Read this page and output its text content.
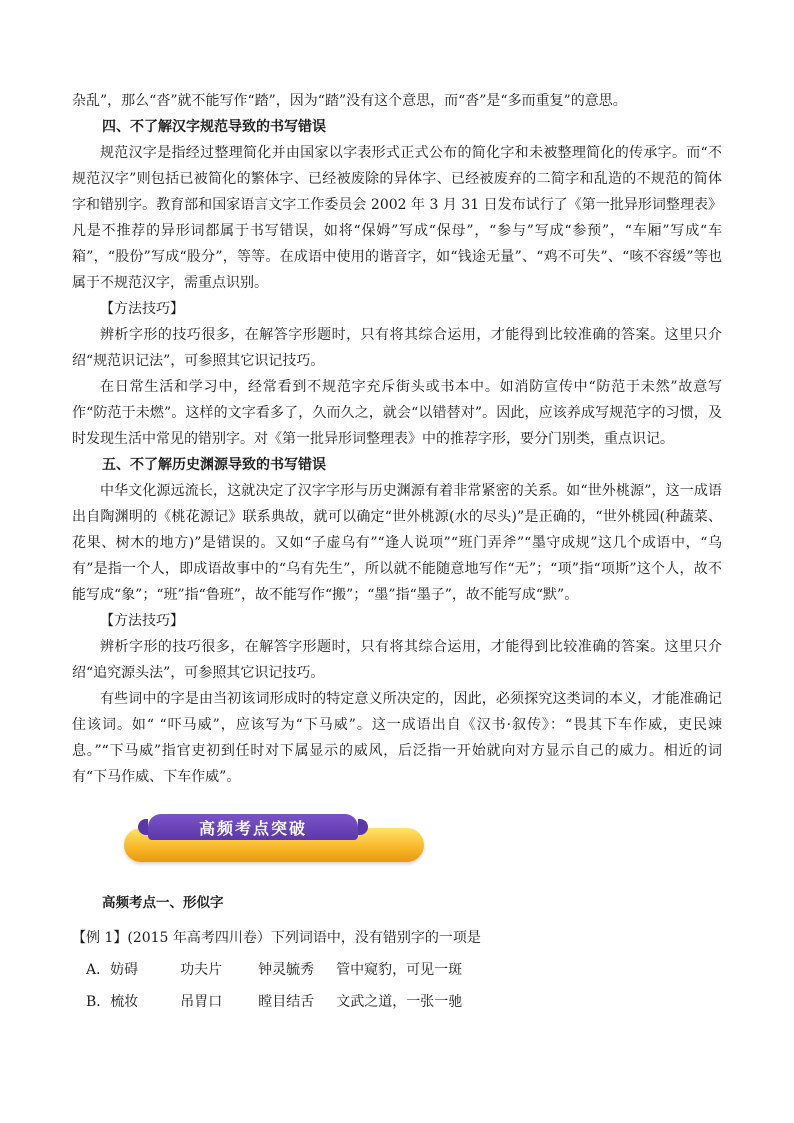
杂乱”，那么“沓”就不能写作“踏”，因为“踏”没有这个意思，而“沓”是“多而重复”的意思。

四、不了解汉字规范导致的书写错误

规范汉字是指经过整理简化并由国家以字表形式正式公布的简化字和未被整理简化的传承字。而“不规范汉字”则包括已被简化的繁体字、已经被废除的异体字、已经被废弃的二简字和乱造的不规范的简体字和错别字。教育部和国家语言文字工作委员会 2002 年 3 月 31 日发布试行了《第一批异形词整理表》凡是不推荐的异形词都属于书写错误，如将“保姆”写成“保母”，“参与”写成“参预”，“车厢”写成“车箱”，“股份”写成“股分”，等等。在成语中使用的谐音字，如“钱途无量”、“鸡不可失”、“咳不容缓”等也属于不规范汉字，需重点识别。

【方法技巧】

辨析字形的技巧很多，在解答字形题时，只有将其综合运用，才能得到比较准确的答案。这里只介绍“规范识记法”，可参照其它识记技巧。

在日常生活和学习中，经常看到不规范字充斥街头或书本中。如消防宣传中“防范于未然”故意写作“防范于未燃”。这样的文字看多了，久而久之，就会“以错替对”。因此，应该养成写规范字的习惯，及时发现生活中常见的错别字。对《第一批异形词整理表》中的推荐字形，要分门别类，重点识记。

五、不了解历史渊源导致的书写错误

中华文化源远流长，这就决定了汉字字形与历史渊源有着非常紧密的关系。如“世外桃源”，这一成语出自陶渊明的《桃花源记》联系典故，就可以确定“世外桃源(水的尽头)”是正确的，“世外桃园(种蔬菜、花果、树木的地方)”是错误的。又如“子虚乌有”“逢人说项”“班门弄斧”“墨守成规”这几个成语中，“乌有”是指一个人，即成语故事中的“乌有先生”，所以就不能随意地写作“无”；“项”指“项斯”这个人，故不能写成“象”；“班”指“鲁班”，故不能写作“搬”；“墨”指“墨子”，故不能写成“默”。

【方法技巧】

辨析字形的技巧很多，在解答字形题时，只有将其综合运用，才能得到比较准确的答案。这里只介绍“追究源头法”，可参照其它识记技巧。

有些词中的字是由当初该词形成时的特定意义所决定的，因此，必须探究这类词的本义，才能准确记住该词。如“ “吓马威”，应该写为“下马威”。这一成语出自《汉书·叙传》：“畏其下车作威，吏民竦息。”“下马威”指官吏初到任时对下属显示的威风，后泛指一开始就向对方显示自己的威力。相近的词有“下马作威、下车作威”。

高频考点突破
高频考点一、形似字

【例 1】(2015 年高考四川卷）下列词语中，没有错别字的一项是

A．妨碍	功夫片	钟灵毓秀 管中窥豹，可见一斑

B．梳妆	吊胃口	瞠目结舌 文武之道，一张一驰
